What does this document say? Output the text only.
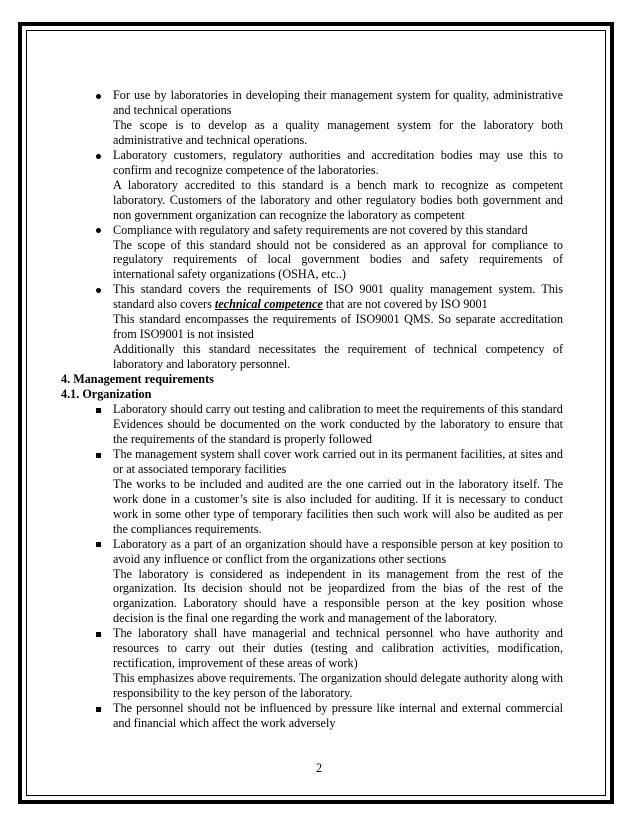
For use by laboratories in developing their management system for quality, administrative and technical operations

The scope is to develop as a quality management system for the laboratory both administrative and technical operations.

Laboratory customers, regulatory authorities and accreditation bodies may use this to confirm and recognize competence of the laboratories.

A laboratory accredited to this standard is a bench mark to recognize as competent laboratory. Customers of the laboratory and other regulatory bodies both government and non government organization can recognize the laboratory as competent

Compliance with regulatory and safety requirements are not covered by this standard

The scope of this standard should not be considered as an approval for compliance to regulatory requirements of local government bodies and safety requirements of international safety organizations (OSHA, etc..)

This standard covers the requirements of ISO 9001 quality management system. This standard also covers technical competence that are not covered by ISO 9001

This standard encompasses the requirements of ISO9001 QMS. So separate accreditation from ISO9001 is not insisted

Additionally this standard necessitates the requirement of technical competency of laboratory and laboratory personnel.

4. Management requirements

4.1. Organization

Laboratory should carry out testing and calibration to meet the requirements of this standard

Evidences should be documented on the work conducted by the laboratory to ensure that the requirements of the standard is properly followed

The management system shall cover work carried out in its permanent facilities, at sites and or at associated temporary facilities

The works to be included and audited are the one carried out in the laboratory itself. The work done in a customer’s site is also included for auditing. If it is necessary to conduct work in some other type of temporary facilities then such work will also be audited as per the compliances requirements.

Laboratory as a part of an organization should have a responsible person at key position to avoid any influence or conflict from the organizations other sections

The laboratory is considered as independent in its management from the rest of the organization. Its decision should not be jeopardized from the bias of the rest of the organization. Laboratory should have a responsible person at the key position whose decision is the final one regarding the work and management of the laboratory.

The laboratory shall have managerial and technical personnel who have authority and resources to carry out their duties (testing and calibration activities, modification, rectification, improvement of these areas of work)

This emphasizes above requirements. The organization should delegate authority along with responsibility to the key person of the laboratory.

The personnel should not be influenced by pressure like internal and external commercial and financial which affect the work adversely

2
